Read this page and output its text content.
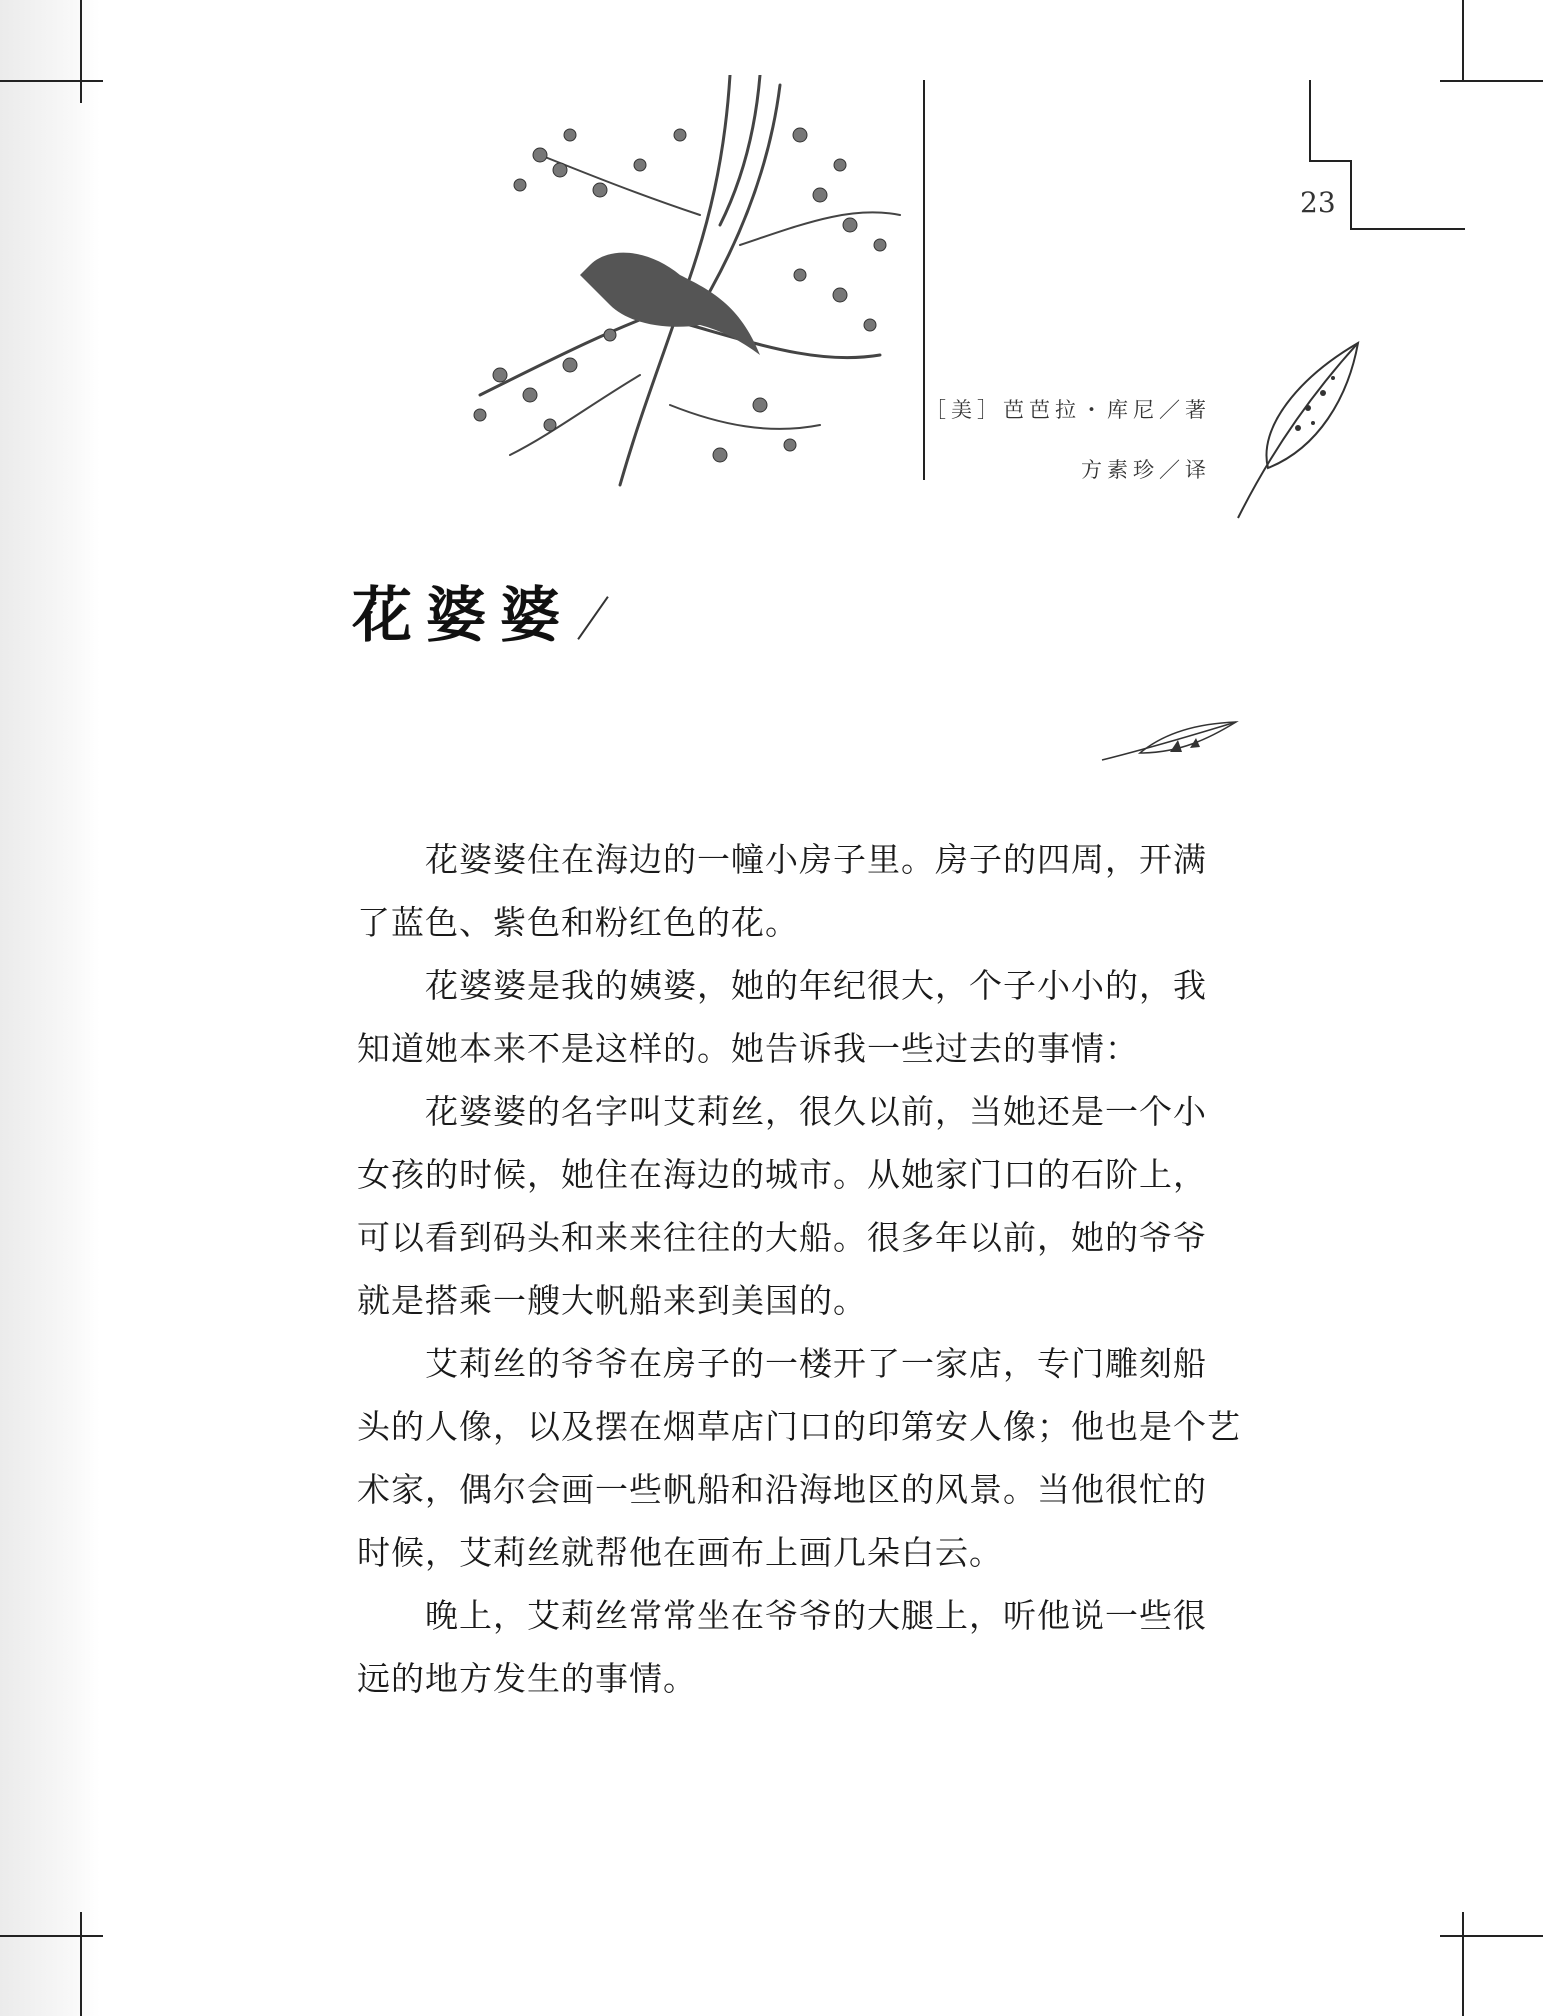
23
［美］芭芭拉・库尼／著
方素珍／译
花婆婆
花婆婆住在海边的一幢小房子里。房子的四周，开满
了蓝色、紫色和粉红色的花。
花婆婆是我的姨婆，她的年纪很大，个子小小的，我
知道她本来不是这样的。她告诉我一些过去的事情：
花婆婆的名字叫艾莉丝，很久以前，当她还是一个小
女孩的时候，她住在海边的城市。从她家门口的石阶上，
可以看到码头和来来往往的大船。很多年以前，她的爷爷
就是搭乘一艘大帆船来到美国的。
艾莉丝的爷爷在房子的一楼开了一家店，专门雕刻船
头的人像，以及摆在烟草店门口的印第安人像；他也是个艺
术家，偶尔会画一些帆船和沿海地区的风景。当他很忙的
时候，艾莉丝就帮他在画布上画几朵白云。
晚上，艾莉丝常常坐在爷爷的大腿上，听他说一些很
远的地方发生的事情。
